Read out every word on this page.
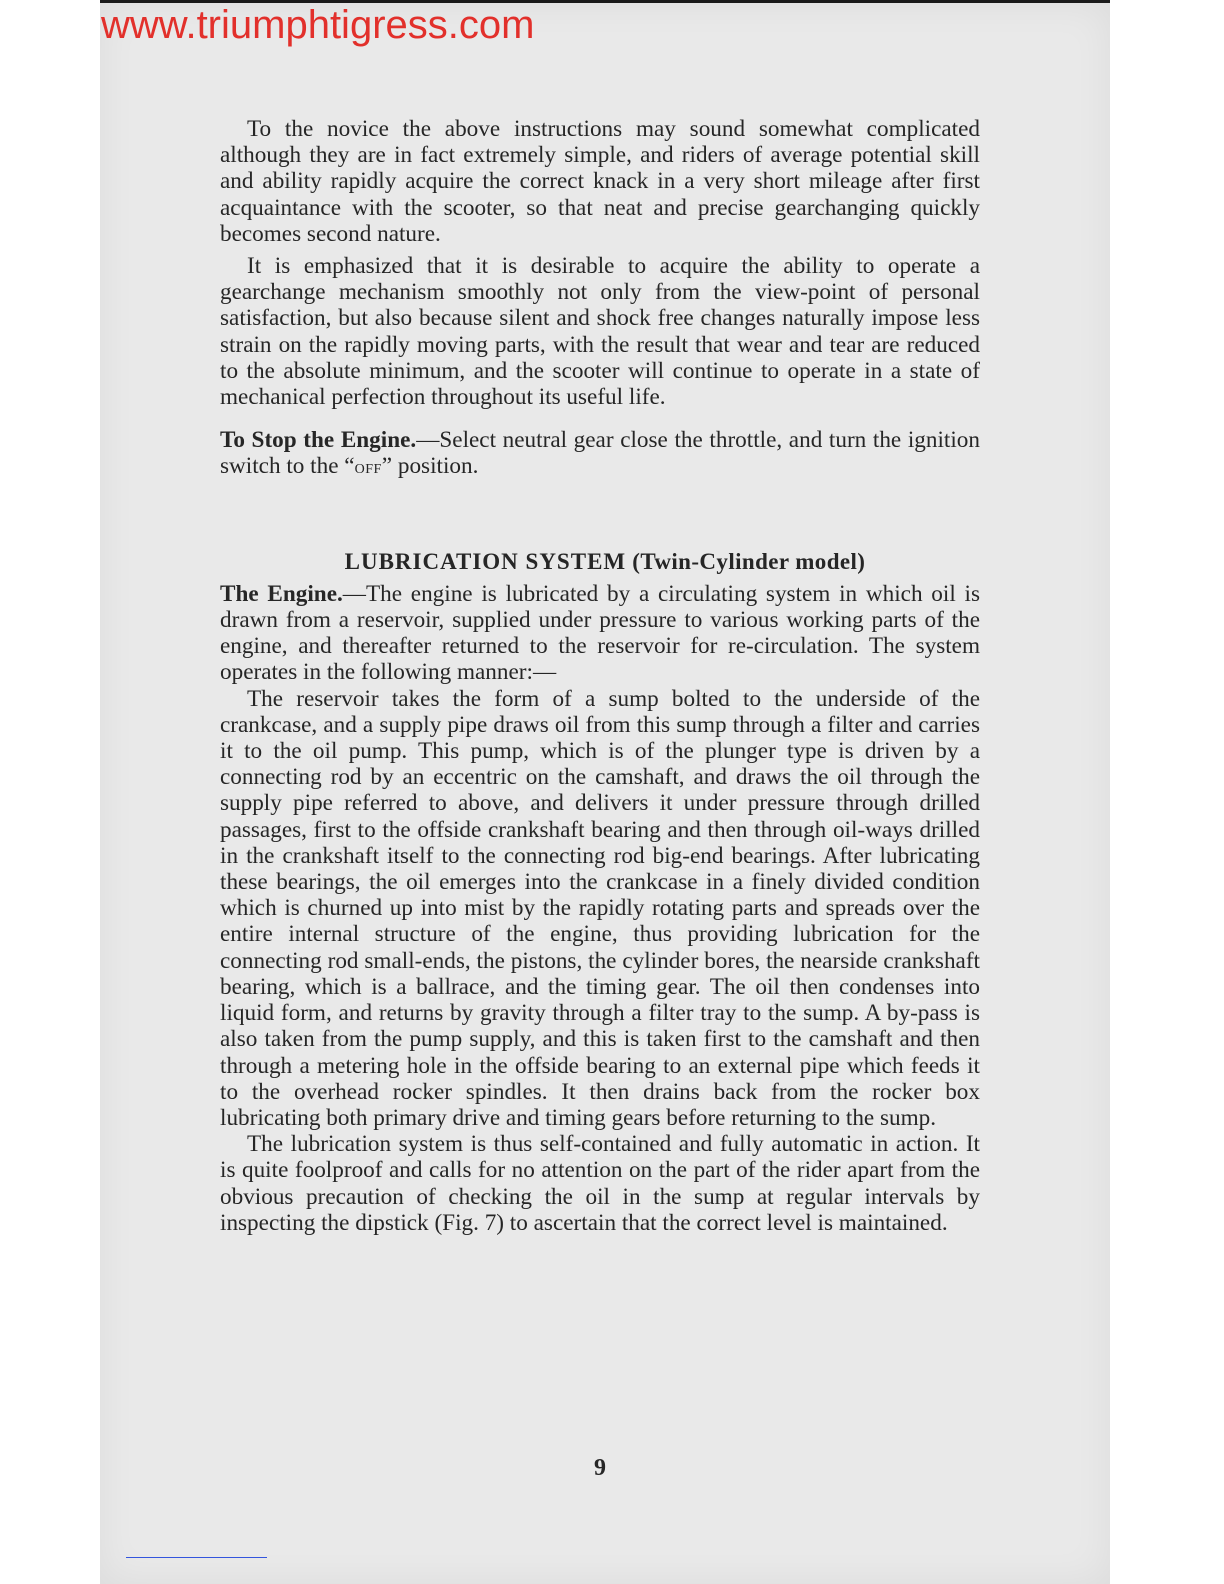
www.triumphtigress.com

To the novice the above instructions may sound somewhat complicated although they are in fact extremely simple, and riders of average potential skill and ability rapidly acquire the correct knack in a very short mileage after first acquaintance with the scooter, so that neat and precise gearchanging quickly becomes second nature.

It is emphasized that it is desirable to acquire the ability to operate a gearchange mechanism smoothly not only from the view-point of personal satisfaction, but also because silent and shock free changes naturally impose less strain on the rapidly moving parts, with the result that wear and tear are reduced to the absolute minimum, and the scooter will continue to operate in a state of mechanical perfection throughout its useful life.

To Stop the Engine.—Select neutral gear close the throttle, and turn the ignition switch to the “off” position.

LUBRICATION SYSTEM (Twin-Cylinder model)

The Engine.—The engine is lubricated by a circulating system in which oil is drawn from a reservoir, supplied under pressure to various working parts of the engine, and thereafter returned to the reservoir for re-circulation. The system operates in the following manner:—

The reservoir takes the form of a sump bolted to the underside of the crankcase, and a supply pipe draws oil from this sump through a filter and carries it to the oil pump. This pump, which is of the plunger type is driven by a connecting rod by an eccentric on the camshaft, and draws the oil through the supply pipe referred to above, and delivers it under pressure through drilled passages, first to the offside crankshaft bearing and then through oil-ways drilled in the crankshaft itself to the connecting rod big-end bearings. After lubricating these bearings, the oil emerges into the crankcase in a finely divided condition which is churned up into mist by the rapidly rotating parts and spreads over the entire internal structure of the engine, thus providing lubrication for the connecting rod small-ends, the pistons, the cylinder bores, the nearside crankshaft bearing, which is a ballrace, and the timing gear. The oil then condenses into liquid form, and returns by gravity through a filter tray to the sump. A by-pass is also taken from the pump supply, and this is taken first to the camshaft and then through a metering hole in the offside bearing to an external pipe which feeds it to the overhead rocker spindles. It then drains back from the rocker box lubricating both primary drive and timing gears before returning to the sump.

The lubrication system is thus self-contained and fully automatic in action. It is quite foolproof and calls for no attention on the part of the rider apart from the obvious precaution of checking the oil in the sump at regular intervals by inspecting the dipstick (Fig. 7) to ascertain that the correct level is maintained.

9
